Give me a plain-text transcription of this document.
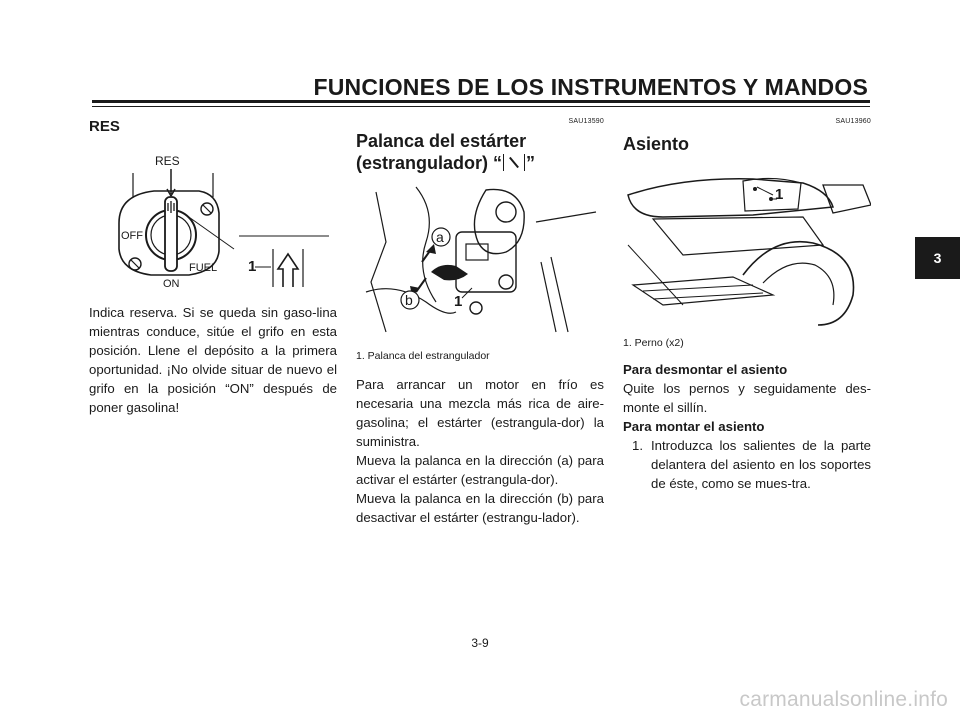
FUNCIONES DE LOS INSTRUMENTOS Y MANDOS
3

RES

RES
OFF
ON
FUEL 1

Indica reserva. Si se queda sin gaso-lina mientras conduce, sitúe el grifo en esta posición. Llene el depósito a la primera oportunidad. ¡No olvide situar de nuevo el grifo en la posición “ON” después de poner gasolina!

SAU13590
Palanca del estárter
(estrangulador) “ ”
a
b	1

1. Palanca del estrangulador

Para arrancar un motor en frío es necesaria una mezcla más rica de aire-gasolina; el estárter (estrangula-dor) la suministra.

Mueva la palanca en la dirección (a) para activar el estárter (estrangula-dor).

Mueva la palanca en la dirección (b) para desactivar el estárter (estrangu-lador).

SAU13960
Asiento
1

1. Perno (x2)

Para desmontar el asiento

Quite los pernos y seguidamente des-monte el sillín.

Para montar el asiento

1. Introduzca los salientes de la parte delantera del asiento en los soportes de éste, como se mues-tra.
3-9
carmanualsonline.info
